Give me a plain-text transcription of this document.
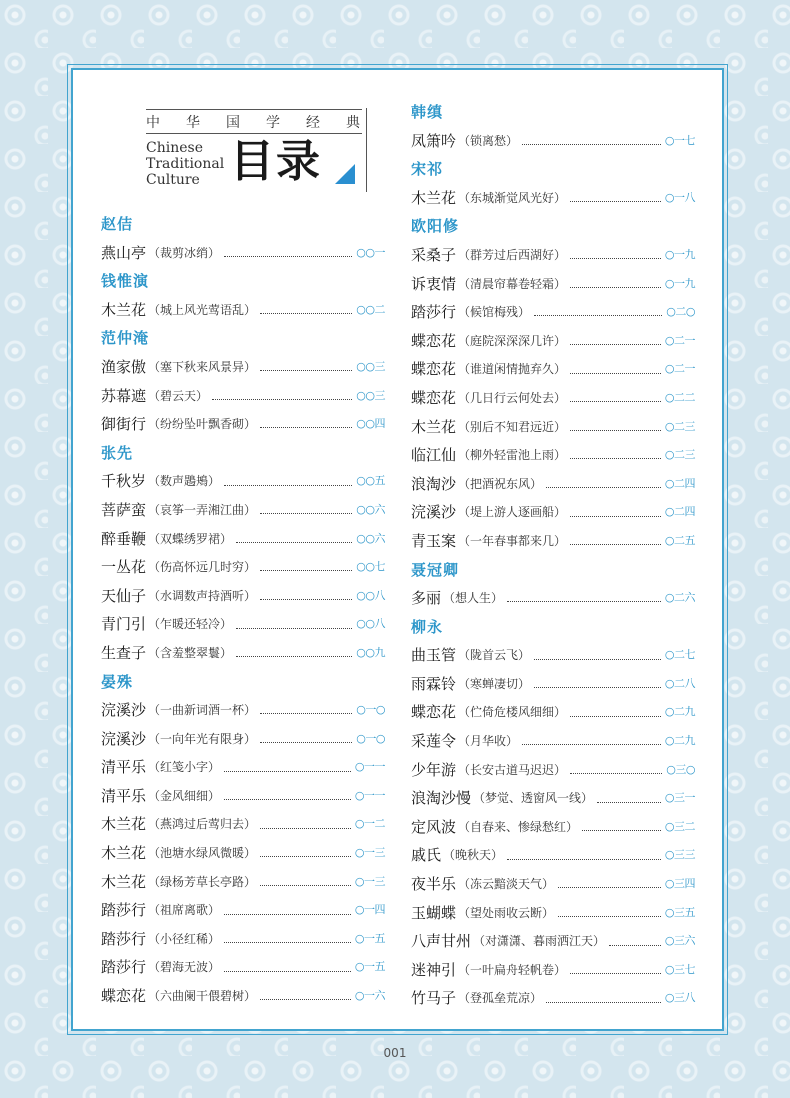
中 华 国 学 经 典
Chinese
Traditional
Culture 目录
赵佶
燕山亭 （裁剪冰绡）	○○一
钱惟演
木兰花 （城上风光莺语乱）	○○二
范仲淹
渔家傲 （塞下秋来风景异）	○○三
苏幕遮 （碧云天）	○○三
御街行 （纷纷坠叶飘香砌）	○○四
张先
千秋岁 （数声鶗鴂）	○○五
菩萨蛮 （哀筝一弄湘江曲）	○○六
醉垂鞭 （双蝶绣罗裙）	○○六
一丛花 （伤高怀远几时穷）	○○七
天仙子 （水调数声持酒听）	○○八
青门引 （乍暖还轻冷）	○○八
生查子 （含羞整翠鬟）	○○九
晏殊
浣溪沙 （一曲新词酒一杯）	○一○
浣溪沙 （一向年光有限身）	○一○
清平乐 （红笺小字）	○一一
清平乐 （金风细细）	○一一
木兰花 （燕鸿过后莺归去）	○一二
木兰花 （池塘水绿风微暖）	○一三
木兰花 （绿杨芳草长亭路）	○一三
踏莎行 （祖席离歌）	○一四
踏莎行 （小径红稀）	○一五
踏莎行 （碧海无波）	○一五
蝶恋花 （六曲阑干偎碧树）	○一六
韩缜
凤箫吟 （锁离愁）	○一七
宋祁
木兰花 （东城渐觉风光好）	○一八
欧阳修
采桑子 （群芳过后西湖好）	○一九
诉衷情 （清晨帘幕卷轻霜）	○一九
踏莎行 （候馆梅残）	○二○
蝶恋花 （庭院深深深几许）	○二一
蝶恋花 （谁道闲情抛弃久）	○二一
蝶恋花 （几日行云何处去）	○二二
木兰花 （别后不知君远近）	○二三
临江仙 （柳外轻雷池上雨）	○二三
浪淘沙 （把酒祝东风）	○二四
浣溪沙 （堤上游人逐画船）	○二四
青玉案 （一年春事都来几）	○二五
聂冠卿
多丽 （想人生）	○二六
柳永
曲玉管 （陇首云飞）	○二七
雨霖铃 （寒蝉凄切）	○二八
蝶恋花 （伫倚危楼风细细）	○二九
采莲令 （月华收）	○二九
少年游 （长安古道马迟迟）	○三○
浪淘沙慢 （梦觉、透窗风一线）	○三一
定风波 （自春来、惨绿愁红）	○三二
戚氏 （晚秋天）	○三三
夜半乐 （冻云黯淡天气）	○三四
玉蝴蝶 （望处雨收云断）	○三五
八声甘州 （对潇潇、暮雨洒江天）	○三六
迷神引 （一叶扁舟轻帆卷）	○三七
竹马子 （登孤垒荒凉）	○三八
001
